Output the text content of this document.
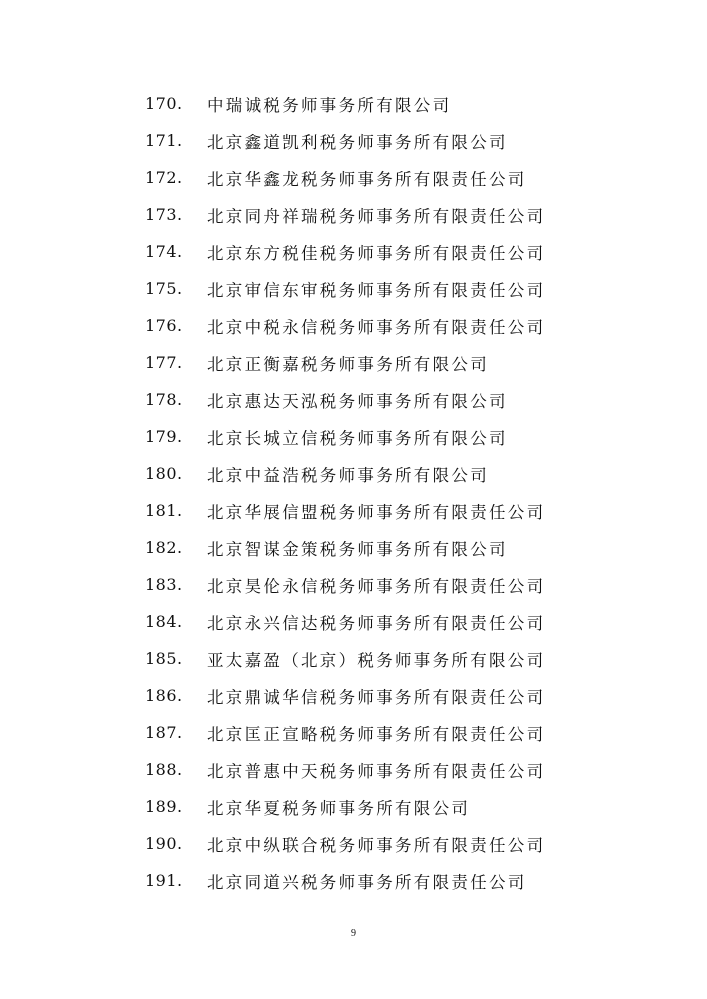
170.	中瑞诚税务师事务所有限公司
171.	北京鑫道凯利税务师事务所有限公司
172.	北京华鑫龙税务师事务所有限责任公司
173.	北京同舟祥瑞税务师事务所有限责任公司
174.	北京东方税佳税务师事务所有限责任公司
175.	北京审信东审税务师事务所有限责任公司
176.	北京中税永信税务师事务所有限责任公司
177.	北京正衡嘉税务师事务所有限公司
178.	北京惠达天泓税务师事务所有限公司
179.	北京长城立信税务师事务所有限公司
180.	北京中益浩税务师事务所有限公司
181.	北京华展信盟税务师事务所有限责任公司
182.	北京智谋金策税务师事务所有限公司
183.	北京昊伦永信税务师事务所有限责任公司
184.	北京永兴信达税务师事务所有限责任公司
185.	亚太嘉盈（北京）税务师事务所有限公司
186.	北京鼎诚华信税务师事务所有限责任公司
187.	北京匡正宣略税务师事务所有限责任公司
188.	北京普惠中天税务师事务所有限责任公司
189.	北京华夏税务师事务所有限公司
190.	北京中纵联合税务师事务所有限责任公司
191.	北京同道兴税务师事务所有限责任公司
9
